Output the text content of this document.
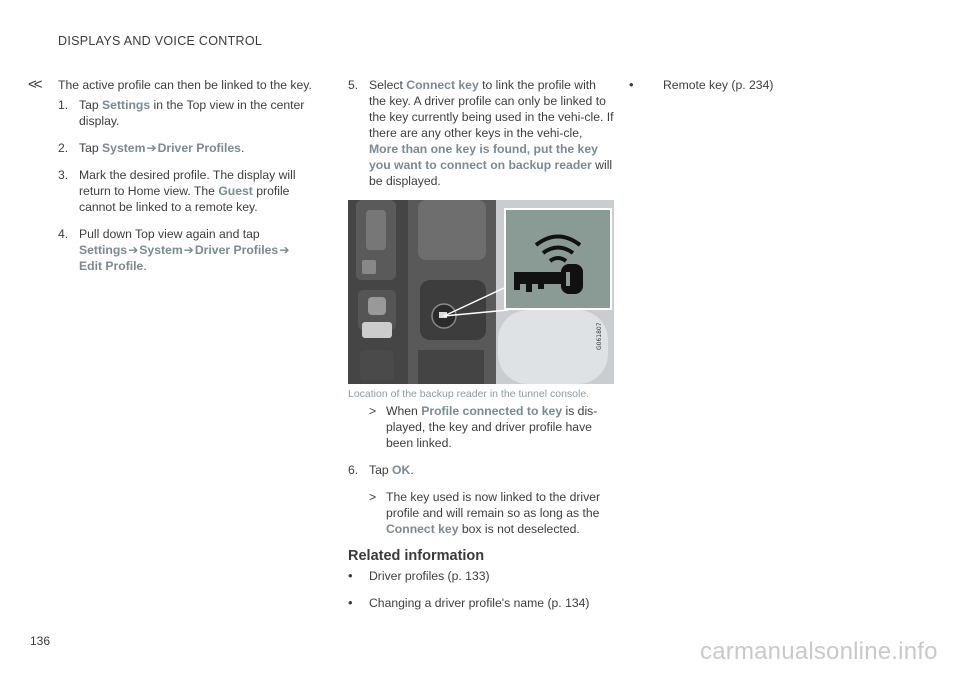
DISPLAYS AND VOICE CONTROL
<< The active profile can then be linked to the key.

1. Tap Settings in the Top view in the center display.
2. Tap System➔Driver Profiles.
3. Mark the desired profile. The display will return to Home view. The Guest profile cannot be linked to a remote key.
4. Pull down Top view again and tap
Settings➔System➔Driver Profiles➔
Edit Profile.
5. Select Connect key to link the profile with the key. A driver profile can only be linked to the key currently being used in the vehi-cle. If there are any other keys in the vehi-cle, More than one key is found, put the key you want to connect on backup reader will be displayed.
G061807
Location of the backup reader in the tunnel console.
> When Profile connected to key is dis-played, the key and driver profile have been linked.
6. Tap OK.
> The key used is now linked to the driver profile and will remain so as long as the Connect key box is not deselected.
Related information
• Driver profiles (p. 133)
• Changing a driver profile's name (p. 134)
• Remote key (p. 234)
136	carmanualsonline.info
